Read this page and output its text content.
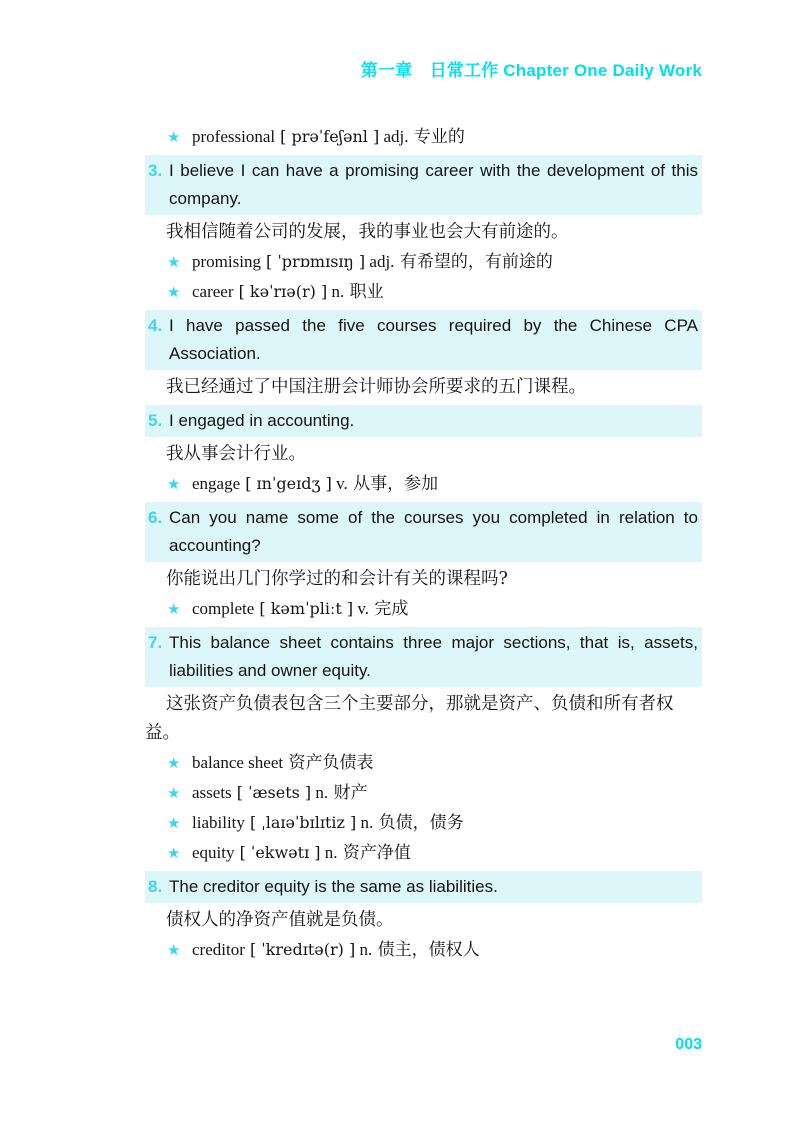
第一章　日常工作 Chapter One Daily Work
★ professional [ prəˈfeʃənl ] adj. 专业的
3. I believe I can have a promising career with the development of this company.
我相信随着公司的发展，我的事业也会大有前途的。
★ promising [ ˈprɒmɪsɪŋ ] adj. 有希望的，有前途的
★ career [ kəˈrɪə(r) ] n. 职业
4. I have passed the five courses required by the Chinese CPA Association.
我已经通过了中国注册会计师协会所要求的五门课程。
5. I engaged in accounting.
我从事会计行业。
★ engage [ ɪnˈgeɪdʒ ] v. 从事，参加
6. Can you name some of the courses you completed in relation to accounting?
你能说出几门你学过的和会计有关的课程吗?
★ complete [ kəmˈpliːt ] v. 完成
7. This balance sheet contains three major sections, that is, assets, liabilities and owner equity.
这张资产负债表包含三个主要部分，那就是资产、负债和所有者权益。
★ balance sheet 资产负债表
★ assets [ ˈæsets ] n. 财产
★ liability [ ˌlaɪəˈbɪlɪtiz ] n. 负债，债务
★ equity [ ˈekwətɪ ] n. 资产净值
8. The creditor equity is the same as liabilities.
债权人的净资产值就是负债。
★ creditor [ ˈkredɪtə(r) ] n. 债主，债权人
003
